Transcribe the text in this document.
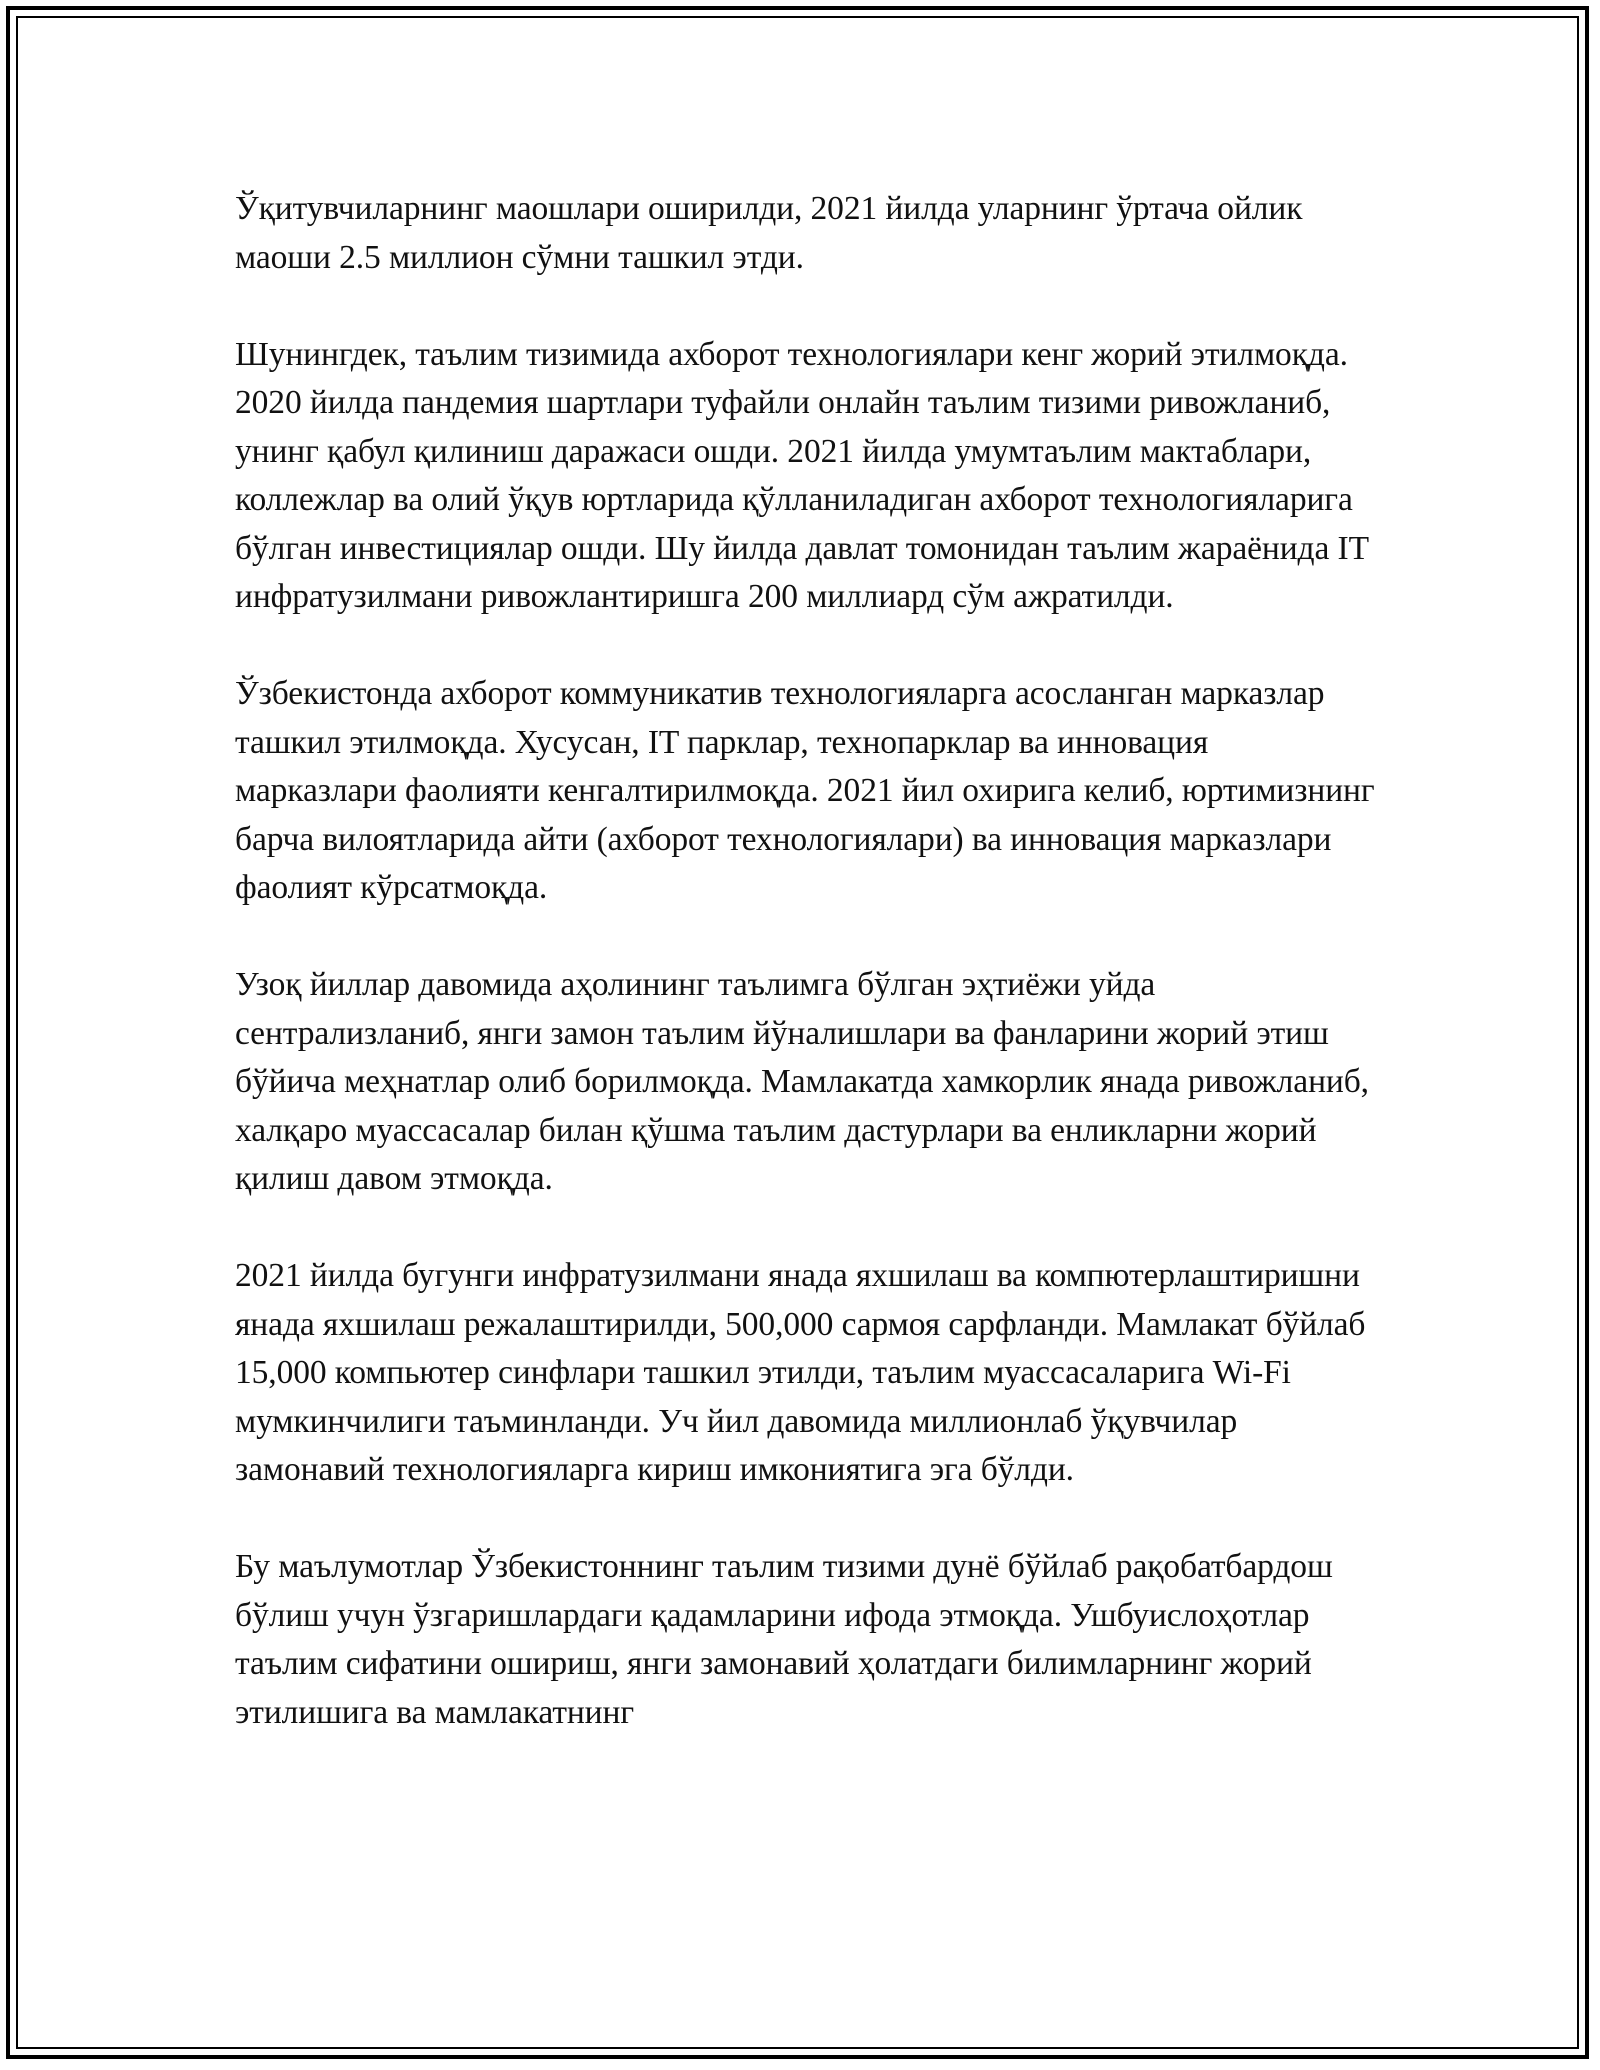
Ўқитувчиларнинг маошлари оширилди, 2021 йилда уларнинг ўртача ойлик маоши 2.5 миллион сўмни ташкил этди.

Шунингдек, таълим тизимида ахборот технологиялари кенг жорий этилмоқда. 2020 йилда пандемия шартлари туфайли онлайн таълим тизими ривожланиб, унинг қабул қилиниш даражаси ошди. 2021 йилда умумтаълим мактаблари, коллежлар ва олий ўқув юртларида қўлланиладиган ахборот технологияларига бўлган инвестициялар ошди. Шу йилда давлат томонидан таълим жараёнида IT инфратузилмани ривожлантиришга 200 миллиард сўм ажратилди.

Ўзбекистонда ахборот коммуникатив технологияларга асосланган марказлар ташкил этилмоқда. Хусусан, IT парклар, технопарклар ва инновация марказлари фаолияти кенгалтирилмоқда. 2021 йил охирига келиб, юртимизнинг барча вилоятларида айти (ахборот технологиялари) ва инновация марказлари фаолият кўрсатмоқда.

Узоқ йиллар давомида аҳолининг таълимга бўлган эҳтиёжи уйда сентрализланиб, янги замон таълим йўналишлари ва фанларини жорий этиш бўйича меҳнатлар олиб борилмоқда. Мамлакатда хамкорлик янада ривожланиб, халқаро муассасалар билан қўшма таълим дастурлари ва енликларни жорий қилиш давом этмоқда.

2021 йилда бугунги инфратузилмани янада яхшилаш ва компютерлаштиришни янада яхшилаш режалаштирилди, 500,000 сармоя сарфланди. Мамлакат бўйлаб 15,000 компьютер синфлари ташкил этилди, таълим муассасаларига Wi-Fi мумкинчилиги таъминланди. Уч йил давомида миллионлаб ўқувчилар замонавий технологияларга кириш имкониятига эга бўлди.

Бу маълумотлар Ўзбекистоннинг таълим тизими дунё бўйлаб рақобатбардош бўлиш учун ўзгаришлардаги қадамларини ифода этмоқда. Ушбуислоҳотлар таълим сифатини ошириш, янги замонавий ҳолатдаги билимларнинг жорий этилишига ва мамлакатнинг
